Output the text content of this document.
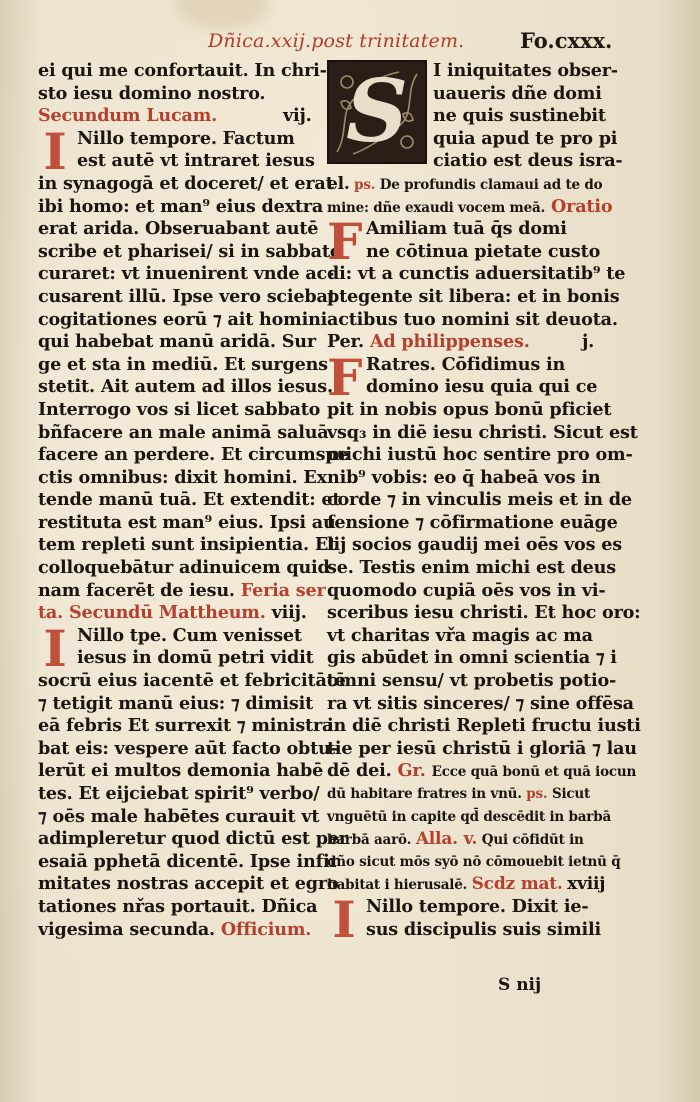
Dñica.xxij.post trinitatem.	Fo.cxxx.
ei qui me confortauit. In chri-
sto iesu domino nostro.
Secundum Lucam.	vij.
I Nillo tempore. Factum
est autē vt intraret iesus
in synagogā et doceret/ et erat
ibi homo: et man⁹ eius dextra
erat arida. Obseruabant autē
scribe et pharisei/ si in sabbato
curaret: vt inuenirent vnde ac-
cusarent illū. Ipse vero sciebat
cogitationes eorū ⁊ ait homini
qui habebat manū aridā. Sur
ge et sta in mediū. Et surgens
stetit. Ait autem ad illos iesus.
Interrogo vos si licet sabbato
bñfacere an male animā saluā
facere an perdere. Et circumspe
ctis omnibus: dixit homini. Ex
tende manū tuā. Et extendit: et
restituta est man⁹ eius. Ipsi au
tem repleti sunt insipientia. Et
colloquebātur adinuicem quid
nam facerēt de iesu. Feria ser
ta. Secundū Mattheum. viij.
I Nillo tpe. Cum venisset
iesus in domū petri vidit
socrū eius iacentē et febricitātē
⁊ tetigit manū eius: ⁊ dimisit
eā febris Et surrexit ⁊ ministra
bat eis: vespere aūt facto obtu-
lerūt ei multos demonia habē
tes. Et eijciebat spirit⁹ verbo/
⁊ oēs male habētes curauit vt
adimpleretur quod dictū est per
esaiā pphetā dicentē. Ipse infir
mitates nostras accepit et egro
tationes nřas portauit. Dñica
vigesima secunda. Officium.
S	I iniquitates obser-
uaueris dñe domi
ne quis sustinebit
quia apud te pro pi
ciatio est deus isra-
el. ps. De profundis clamaui ad te do
mine: dñe exaudi vocem meā. Oratio
F Amiliam tuā q̄s domi
ne cōtinua pietate custo
di: vt a cunctis aduersitatib⁹ te
ptegente sit libera: et in bonis
actibus tuo nomini sit deuota.
Per. Ad philippenses.	j.
F Ratres. Cōfidimus in
domino iesu quia qui ce
pit in nobis opus bonū pficiet
vsq₃ in diē iesu christi. Sicut est
michi iustū hoc sentire pro om-
nib⁹ vobis: eo q̄ habeā vos in
corde ⁊ in vinculis meis et in de
fensione ⁊ cōfirmatione euāge
lij socios gaudij mei oēs vos es
se. Testis enim michi est deus
quomodo cupiā oēs vos in vi-
sceribus iesu christi. Et hoc oro:
vt charitas vřa magis ac ma
gis abūdet in omni scientia ⁊ i
omni sensu/ vt probetis potio-
ra vt sitis sinceres/ ⁊ sine offēsa
in diē christi Repleti fructu iusti
tie per iesū christū i gloriā ⁊ lau
dē dei. Gr. Ecce quā bonū et quā iocun
dū habitare fratres in vnū. ps. Sicut
vnguētū in capite qd̄ descēdit in barbā
barbā aarō. Alla. v. Qui cōfidūt in
dño sicut mōs syō nō cōmouebit ietnū q̄
habitat i hierusalē. Scdz mat. xviij
I Nillo tempore. Dixit ie-
sus discipulis suis simili
S nij
